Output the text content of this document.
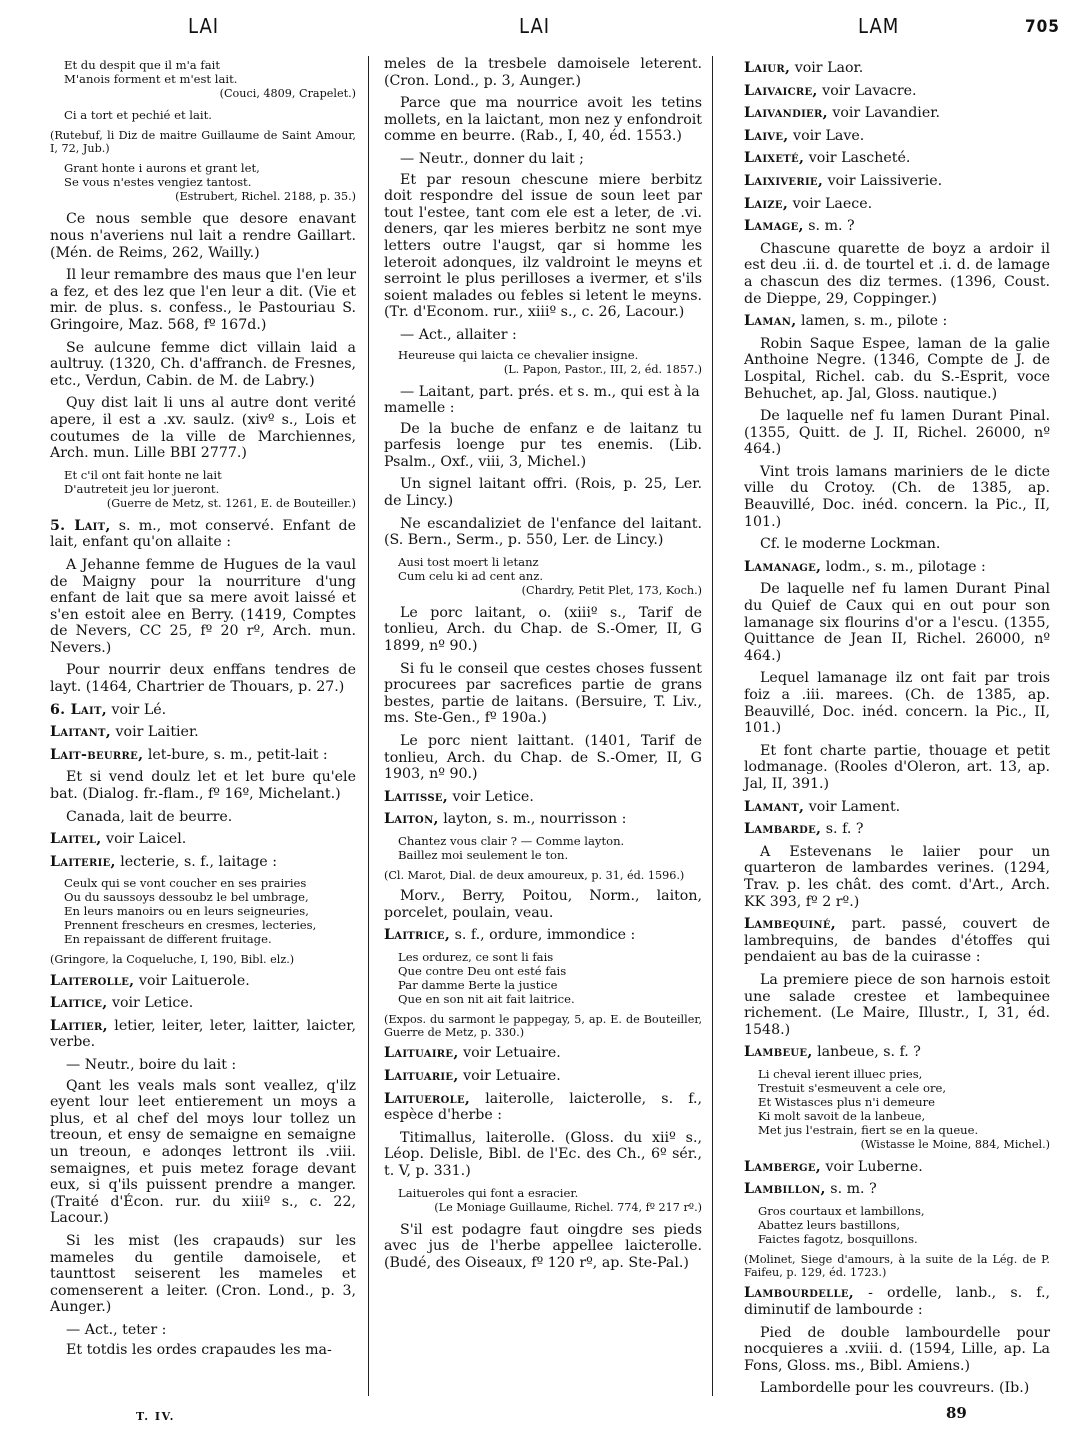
LAI	LAI	LAM	705
Et du despit que il m'a fait
M'anois forment et m'est lait.
(Couci, 4809, Crapelet.)
Ci a tort et pechié et lait.
(Rutebuf, li Diz de maitre Guillaume de Saint Amour, I, 72, Jub.)
Grant honte i aurons et grant let,
Se vous n'estes vengiez tantost.
(Estrubert, Richel. 2188, p. 35.)
Ce nous semble que desore enavant nous n'averiens nul lait a rendre Gaillart. (Mén. de Reims, 262, Wailly.)
Il leur remambre des maus que l'en leur a fez, et des lez que l'en leur a dit. (Vie et mir. de plus. s. confess., le Pastouriau S. Gringoire, Maz. 568, fº 167d.)
Se aulcune femme dict villain laid a aultruy. (1320, Ch. d'affranch. de Fresnes, etc., Verdun, Cabin. de M. de Labry.)
Quy dist lait li uns al autre dont verité apere, il est a .xv. saulz. (xivº s., Lois et coutumes de la ville de Marchiennes, Arch. mun. Lille BBI 2777.)
Et c'il ont fait honte ne lait
D'autreteit jeu lor jueront.
(Guerre de Metz, st. 1261, E. de Bouteiller.)
5. Lait, s. m., mot conservé. Enfant de lait, enfant qu'on allaite :
A Jehanne femme de Hugues de la vaul de Maigny pour la nourriture d'ung enfant de lait que sa mere avoit laissé et s'en estoit alee en Berry. (1419, Comptes de Nevers, CC 25, fº 20 rº, Arch. mun. Nevers.)
Pour nourrir deux enffans tendres de layt. (1464, Chartrier de Thouars, p. 27.)
6. Lait, voir Lé.
Laitant, voir Laitier.
Lait-beurre, let-bure, s. m., petit-lait :
Et si vend doulz let et let bure qu'ele bat. (Dialog. fr.-flam., fº 16º, Michelant.)
Canada, lait de beurre.
Laitel, voir Laicel.
Laiterie, lecterie, s. f., laitage :
Ceulx qui se vont coucher en ses prairies
Ou du saussoys dessoubz le bel umbrage,
En leurs manoirs ou en leurs seigneuries,
Prennent frescheurs en cresmes, lecteries,
En repaissant de different fruitage.
(Gringore, la Coqueluche, I, 190, Bibl. elz.)
Laiterolle, voir Laituerole.
Laitice, voir Letice.
Laitier, letier, leiter, leter, laitter, laicter, verbe.
— Neutr., boire du lait :
Qant les veals mals sont veallez, q'ilz eyent lour leet entierement un moys a plus, et al chef del moys lour tollez un treoun, et ensy de semaigne en semaigne un treoun, e adonqes lettront ils .viii. semaignes, et puis metez forage devant eux, si q'ils puissent prendre a manger. (Traité d'Écon. rur. du xiiiº s., c. 22, Lacour.)
Si les mist (les crapauds) sur les mameles du gentile damoisele, et taunttost seiserent les mameles et comenserent a leiter. (Cron. Lond., p. 3, Aunger.)
— Act., teter :
Et totdis les ordes crapaudes les ma-
meles de la tresbele damoisele leterent. (Cron. Lond., p. 3, Aunger.)
Parce que ma nourrice avoit les tetins mollets, en la laictant, mon nez y enfondroit comme en beurre. (Rab., I, 40, éd. 1553.)
— Neutr., donner du lait ;
Et par resoun chescune miere berbitz doit respondre del issue de soun leet par tout l'estee, tant com ele est a leter, de .vi. deners, qar les mieres berbitz ne sont mye letters outre l'augst, qar si homme les leteroit adonques, ilz valdroint le meyns et serroint le plus perilloses a ivermer, et s'ils soient malades ou febles si letent le meyns. (Tr. d'Econom. rur., xiiiº s., c. 26, Lacour.)
— Act., allaiter :
Heureuse qui laicta ce chevalier insigne.
(L. Papon, Pastor., III, 2, éd. 1857.)
— Laitant, part. prés. et s. m., qui est à la mamelle :
De la buche de enfanz e de laitanz tu parfesis loenge pur tes enemis. (Lib. Psalm., Oxf., viii, 3, Michel.)
Un signel laitant offri. (Rois, p. 25, Ler. de Lincy.)
Ne escandaliziet de l'enfance del laitant. (S. Bern., Serm., p. 550, Ler. de Lincy.)
Ausi tost moert li letanz
Cum celu ki ad cent anz.
(Chardry, Petit Plet, 173, Koch.)
Le porc laitant, o. (xiiiº s., Tarif de tonlieu, Arch. du Chap. de S.-Omer, II, G 1899, nº 90.)
Si fu le conseil que cestes choses fussent procurees par sacrefices partie de grans bestes, partie de laitans. (Bersuire, T. Liv., ms. Ste-Gen., fº 190a.)
Le porc nient laittant. (1401, Tarif de tonlieu, Arch. du Chap. de S.-Omer, II, G 1903, nº 90.)
Laitisse, voir Letice.
Laiton, layton, s. m., nourrisson :
Chantez vous clair ? — Comme layton.
Baillez moi seulement le ton.
(Cl. Marot, Dial. de deux amoureux, p. 31, éd. 1596.)
Morv., Berry, Poitou, Norm., laiton, porcelet, poulain, veau.
Laitrice, s. f., ordure, immondice :
Les ordurez, ce sont li fais
Que contre Deu ont esté fais
Par damme Berte la justice
Que en son nit ait fait laitrice.
(Expos. du sarmont le pappegay, 5, ap. E. de Bouteiller, Guerre de Metz, p. 330.)
Laituaire, voir Letuaire.
Laituarie, voir Letuaire.
Laituerole, laiterolle, laicterolle, s. f., espèce d'herbe :
Titimallus, laiterolle. (Gloss. du xiiº s., Léop. Delisle, Bibl. de l'Ec. des Ch., 6º sér., t. V, p. 331.)
Laitueroles qui font a esracier.
(Le Moniage Guillaume, Richel. 774, fº 217 rº.)
S'il est podagre faut oingdre ses pieds avec jus de l'herbe appellee laicterolle. (Budé, des Oiseaux, fº 120 rº, ap. Ste-Pal.)
Laiur, voir Laor.
Laivaicre, voir Lavacre.
Laivandier, voir Lavandier.
Laive, voir Lave.
Laixeté, voir Lascheté.
Laixiverie, voir Laissiverie.
Laize, voir Laece.
Lamage, s. m. ?
Chascune quarette de boyz a ardoir il est deu .ii. d. de tourtel et .i. d. de lamage a chascun des diz termes. (1396, Coust. de Dieppe, 29, Coppinger.)
Laman, lamen, s. m., pilote :
Robin Saque Espee, laman de la galie Anthoine Negre. (1346, Compte de J. de Lospital, Richel. cab. du S.-Esprit, voce Behuchet, ap. Jal, Gloss. nautique.)
De laquelle nef fu lamen Durant Pinal. (1355, Quitt. de J. II, Richel. 26000, nº 464.)
Vint trois lamans mariniers de le dicte ville du Crotoy. (Ch. de 1385, ap. Beauvillé, Doc. inéd. concern. la Pic., II, 101.)
Cf. le moderne Lockman.
Lamanage, lodm., s. m., pilotage :
De laquelle nef fu lamen Durant Pinal du Quief de Caux qui en out pour son lamanage six flourins d'or a l'escu. (1355, Quittance de Jean II, Richel. 26000, nº 464.)
Lequel lamanage ilz ont fait par trois foiz a .iii. marees. (Ch. de 1385, ap. Beauvillé, Doc. inéd. concern. la Pic., II, 101.)
Et font charte partie, thouage et petit lodmanage. (Rooles d'Oleron, art. 13, ap. Jal, II, 391.)
Lamant, voir Lament.
Lambarde, s. f. ?
A Estevenans le laiier pour un quarteron de lambardes verines. (1294, Trav. p. les chât. des comt. d'Art., Arch. KK 393, fº 2 rº.)
Lambequiné, part. passé, couvert de lambrequins, de bandes d'étoffes qui pendaient au bas de la cuirasse :
La premiere piece de son harnois estoit une salade crestee et lambequinee richement. (Le Maire, Illustr., I, 31, éd. 1548.)
Lambeue, lanbeue, s. f. ?
Li cheval ierent illuec pries,
Trestuit s'esmeuvent a cele ore,
Et Wistasces plus n'i demeure
Ki molt savoit de la lanbeue,
Met jus l'estrain, fiert se en la queue.
(Wistasse le Moine, 884, Michel.)
Lamberge, voir Luberne.
Lambillon, s. m. ?
Gros courtaux et lambillons,
Abattez leurs bastillons,
Faictes fagotz, bosquillons.
(Molinet, Siege d'amours, à la suite de la Lég. de P. Faifeu, p. 129, éd. 1723.)
Lambourdelle, - ordelle, lanb., s. f., diminutif de lambourde :
Pied de double lambourdelle pour nocquieres a .xviii. d. (1594, Lille, ap. La Fons, Gloss. ms., Bibl. Amiens.)
Lambordelle pour les couvreurs. (Ib.)
T. IV.	89
